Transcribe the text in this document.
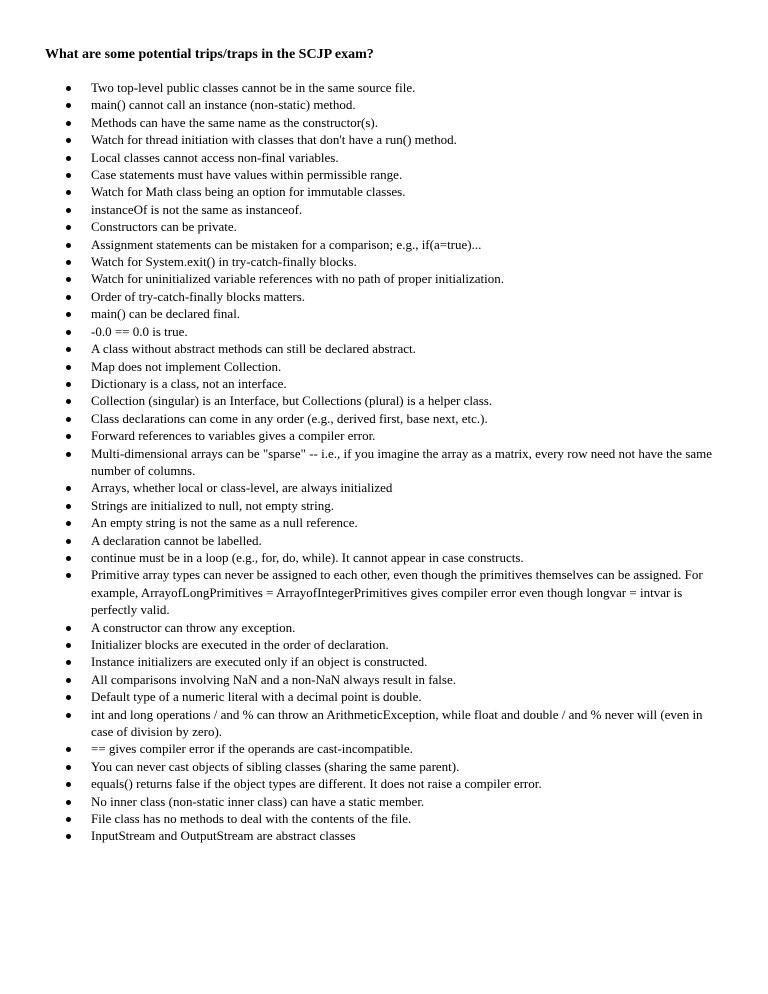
What are some potential trips/traps in the SCJP exam?
Two top-level public classes cannot be in the same source file.
main() cannot call an instance (non-static) method.
Methods can have the same name as the constructor(s).
Watch for thread initiation with classes that don't have a run() method.
Local classes cannot access non-final variables.
Case statements must have values within permissible range.
Watch for Math class being an option for immutable classes.
instanceOf is not the same as instanceof.
Constructors can be private.
Assignment statements can be mistaken for a comparison; e.g., if(a=true)...
Watch for System.exit() in try-catch-finally blocks.
Watch for uninitialized variable references with no path of proper initialization.
Order of try-catch-finally blocks matters.
main() can be declared final.
-0.0 == 0.0 is true.
A class without abstract methods can still be declared abstract.
Map does not implement Collection.
Dictionary is a class, not an interface.
Collection (singular) is an Interface, but Collections (plural) is a helper class.
Class declarations can come in any order (e.g., derived first, base next, etc.).
Forward references to variables gives a compiler error.
Multi-dimensional arrays can be "sparse" -- i.e., if you imagine the array as a matrix, every row need not have the same number of columns.
Arrays, whether local or class-level, are always initialized
Strings are initialized to null, not empty string.
An empty string is not the same as a null reference.
A declaration cannot be labelled.
continue must be in a loop (e.g., for, do, while). It cannot appear in case constructs.
Primitive array types can never be assigned to each other, even though the primitives themselves can be assigned. For example, ArrayofLongPrimitives = ArrayofIntegerPrimitives gives compiler error even though longvar = intvar is perfectly valid.
A constructor can throw any exception.
Initializer blocks are executed in the order of declaration.
Instance initializers are executed only if an object is constructed.
All comparisons involving NaN and a non-NaN always result in false.
Default type of a numeric literal with a decimal point is double.
int and long operations / and % can throw an ArithmeticException, while float and double / and % never will (even in case of division by zero).
== gives compiler error if the operands are cast-incompatible.
You can never cast objects of sibling classes (sharing the same parent).
equals() returns false if the object types are different. It does not raise a compiler error.
No inner class (non-static inner class) can have a static member.
File class has no methods to deal with the contents of the file.
InputStream and OutputStream are abstract classes
